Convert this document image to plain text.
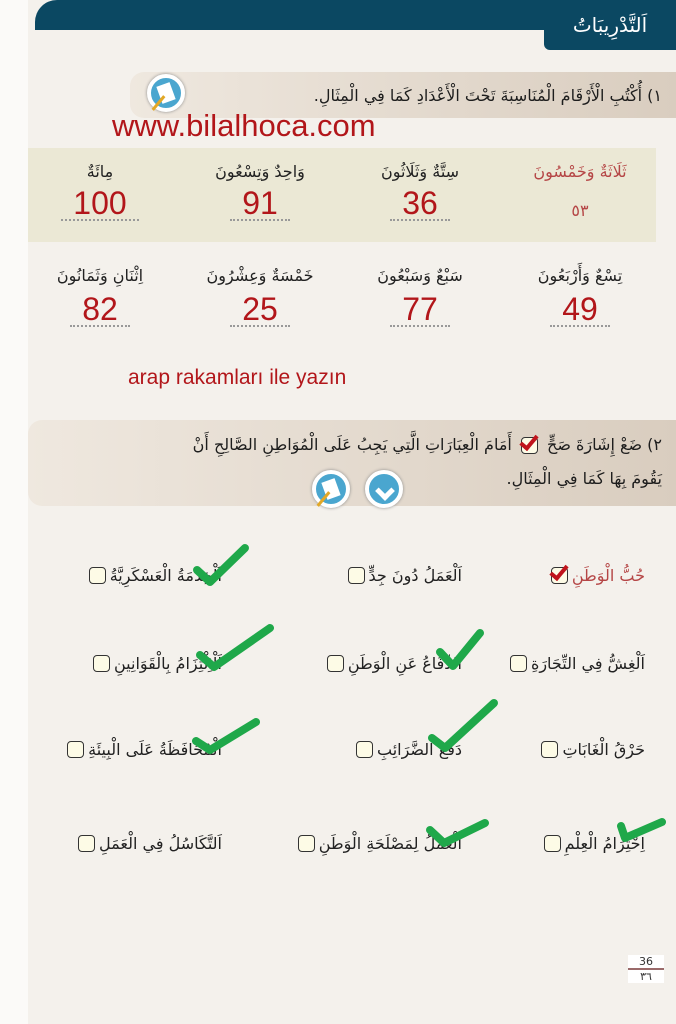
اَلتَّدْرِيبَاتُ
١) أُكْتُبِ الْأَرْقَامَ الْمُنَاسِبَةَ تَحْتَ الْأَعْدَادِ كَمَا فِي الْمِثَالِ.
www.bilalhoca.com
ثَلَاثَةٌ وَخَمْسُونَ
٥٣
سِتَّةٌ وَثَلَاثُونَ
36
وَاحِدٌ وَتِسْعُونَ
91
مِائَةٌ
100
تِسْعٌ وَأَرْبَعُونَ
49
سَبْعٌ وَسَبْعُونَ
77
خَمْسَةٌ وَعِشْرُونَ
25
اِثْنَانِ وَثَمَانُونَ
82
arap rakamları ile yazın
٢) ضَعْ إِشَارَةَ صَحٍّ
أَمَامَ الْعِبَارَاتِ الَّتِي يَجِبُ عَلَى الْمُوَاطِنِ الصَّالِحِ أَنْ
يَقُومَ بِهَا كَمَا فِي الْمِثَالِ.
حُبُّ الْوَطَنِ
اَلْعَمَلُ دُونَ جِدٍّ
اَلْخِدْمَةُ الْعَسْكَرِيَّةُ
اَلْغِشُّ فِي التِّجَارَةِ
اَلدِّفَاعُ عَنِ الْوَطَنِ
اَلْاِلْتِزَامُ بِالْقَوَانِينِ
حَرْقُ الْغَابَاتِ
دَفْعُ الضَّرَائِبِ
اَلْمُحَافَظَةُ عَلَى الْبِيئَةِ
اِحْتِرَامُ الْعِلْمِ
اَلْعَمَلُ لِمَصْلَحَةِ الْوَطَنِ
اَلتَّكَاسُلُ فِي الْعَمَلِ
36
٣٦
